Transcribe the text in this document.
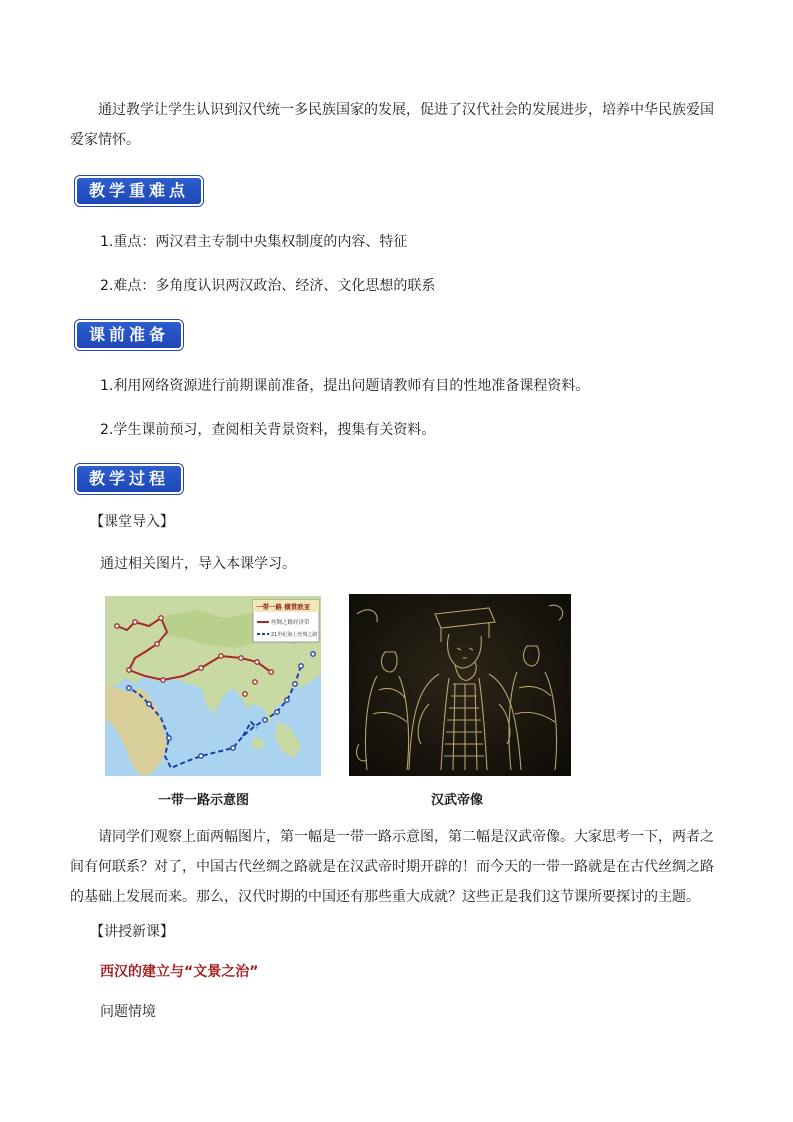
通过教学让学生认识到汉代统一多民族国家的发展，促进了汉代社会的发展进步，培养中华民族爱国爱家情怀。

教学重难点

1.重点：两汉君主专制中央集权制度的内容、特征

2.难点：多角度认识两汉政治、经济、文化思想的联系

课前准备

1.利用网络资源进行前期课前准备，提出问题请教师有目的性地准备课程资料。

2.学生课前预习，查阅相关背景资料，搜集有关资料。

教学过程

【课堂导入】

通过相关图片，导入本课学习。

一带一路 横贯欧亚
丝绸之路经济带
21世纪海上丝绸之路

一带一路示意图	汉武帝像

请同学们观察上面两幅图片，第一幅是一带一路示意图，第二幅是汉武帝像。大家思考一下，两者之间有何联系？对了，中国古代丝绸之路就是在汉武帝时期开辟的！而今天的一带一路就是在古代丝绸之路的基础上发展而来。那么，汉代时期的中国还有那些重大成就？这些正是我们这节课所要探讨的主题。

【讲授新课】

西汉的建立与“文景之治”

问题情境
